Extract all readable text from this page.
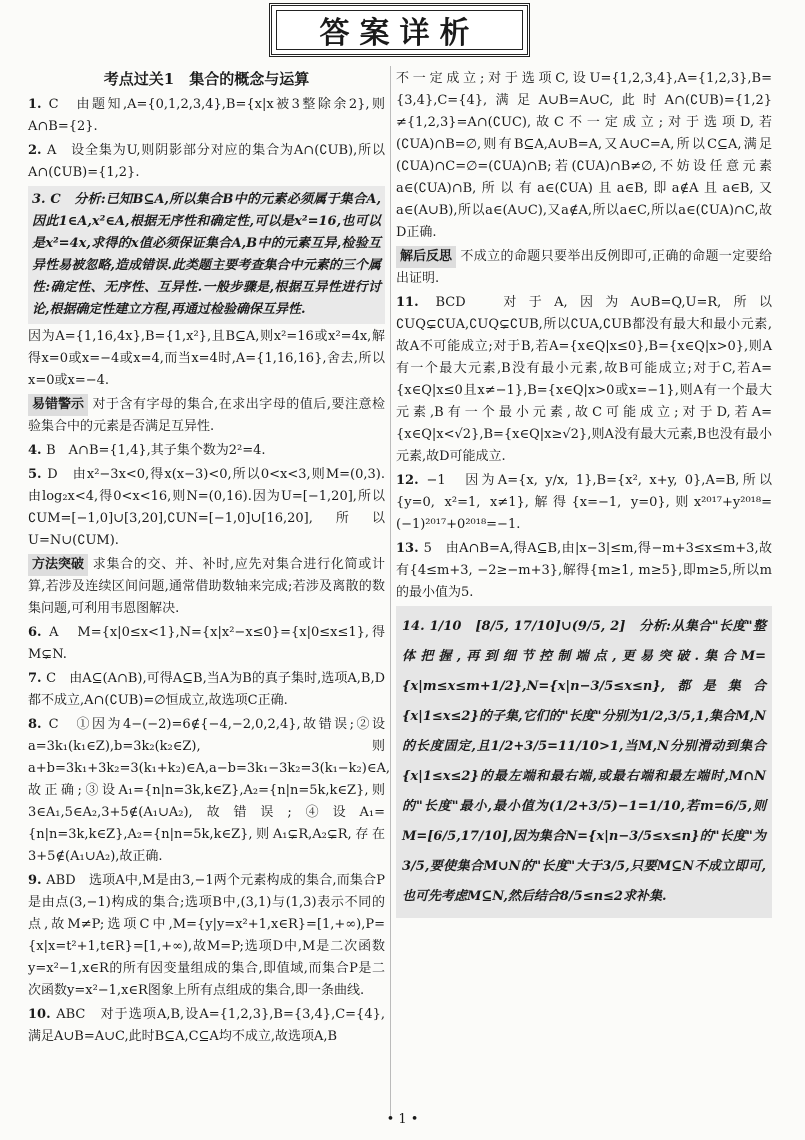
答案详析
考点过关1　集合的概念与运算

1. C　由题知,A={0,1,2,3,4},B={x|x被3整除余2},则A∩B={2}.

2. A　设全集为U,则阴影部分对应的集合为A∩(∁UB),所以A∩(∁UB)={1,2}.

3. C　分析:已知B⊆A,所以集合B中的元素必须属于集合A,因此1∈A,x²∈A,根据无序性和确定性,可以是x²=16,也可以是x²=4x,求得的x值必须保证集合A,B中的元素互异,检验互异性易被忽略,造成错误.此类题主要考查集合中元素的三个属性:确定性、无序性、互异性.一般步骤是,根据互异性进行讨论,根据确定性建立方程,再通过检验确保互异性.

因为A={1,16,4x},B={1,x²},且B⊆A,则x²=16或x²=4x,解得x=0或x=−4或x=4,而当x=4时,A={1,16,16},舍去,所以x=0或x=−4.

易错警示 对于含有字母的集合,在求出字母的值后,要注意检验集合中的元素是否满足互异性.

4. B　A∩B={1,4},其子集个数为2²=4.

5. D　由x²−3x<0,得x(x−3)<0,所以0<x<3,则M=(0,3).由log₂x<4,得0<x<16,则N=(0,16).因为U=[−1,20],所以∁UM=[−1,0]∪[3,20],∁UN=[−1,0]∪[16,20],所以U=N∪(∁UM).

方法突破 求集合的交、并、补时,应先对集合进行化简或计算,若涉及连续区间问题,通常借助数轴来完成;若涉及离散的数集问题,可利用韦恩图解决.

6. A　M={x|0≤x<1},N={x|x²−x≤0}={x|0≤x≤1},得M⊊N.

7. C　由A⊆(A∩B),可得A⊆B,当A为B的真子集时,选项A,B,D都不成立,A∩(∁UB)=∅恒成立,故选项C正确.

8. C　①因为4−(−2)=6∉{−4,−2,0,2,4},故错误;②设a=3k₁(k₁∈Z),b=3k₂(k₂∈Z),则a+b=3k₁+3k₂=3(k₁+k₂)∈A,a−b=3k₁−3k₂=3(k₁−k₂)∈A,故正确;③设A₁={n|n=3k,k∈Z},A₂={n|n=5k,k∈Z},则3∈A₁,5∈A₂,3+5∉(A₁∪A₂),故错误;④设A₁={n|n=3k,k∈Z},A₂={n|n=5k,k∈Z},则A₁⊊R,A₂⊊R,存在3+5∉(A₁∪A₂),故正确.

9. ABD　选项A中,M是由3,−1两个元素构成的集合,而集合P是由点(3,−1)构成的集合;选项B中,(3,1)与(1,3)表示不同的点,故M≠P;选项C中,M={y|y=x²+1,x∈R}=[1,+∞),P={x|x=t²+1,t∈R}=[1,+∞),故M=P;选项D中,M是二次函数y=x²−1,x∈R的所有因变量组成的集合,即值域,而集合P是二次函数y=x²−1,x∈R图象上所有点组成的集合,即一条曲线.

10. ABC　对于选项A,B,设A={1,2,3},B={3,4},C={4},满足A∪B=A∪C,此时B⊆A,C⊆A均不成立,故选项A,B

不一定成立;对于选项C,设U={1,2,3,4},A={1,2,3},B={3,4},C={4},满足A∪B=A∪C,此时A∩(∁UB)={1,2}≠{1,2,3}=A∩(∁UC),故C不一定成立;对于选项D,若(∁UA)∩B=∅,则有B⊆A,A∪B=A,又A∪C=A,所以C⊆A,满足(∁UA)∩C=∅=(∁UA)∩B;若(∁UA)∩B≠∅,不妨设任意元素a∈(∁UA)∩B,所以有a∈(∁UA)且a∈B,即a∉A且a∈B,又a∈(A∪B),所以a∈(A∪C),又a∉A,所以a∈C,所以a∈(∁UA)∩C,故D正确.

解后反思 不成立的命题只要举出反例即可,正确的命题一定要给出证明.

11. BCD　对于A,因为A∪B=Q,U=R,所以∁UQ⊊∁UA,∁UQ⊊∁UB,所以∁UA,∁UB都没有最大和最小元素,故A不可能成立;对于B,若A={x∈Q|x≤0},B={x∈Q|x>0},则A有一个最大元素,B没有最小元素,故B可能成立;对于C,若A={x∈Q|x≤0且x≠−1},B={x∈Q|x>0或x=−1},则A有一个最大元素,B有一个最小元素,故C可能成立;对于D,若A={x∈Q|x<√2},B={x∈Q|x≥√2},则A没有最大元素,B也没有最小元素,故D可能成立.

12. −1　因为A={x, y/x, 1},B={x², x+y, 0},A=B,所以{y=0, x²=1, x≠1},解得{x=−1, y=0},则x²⁰¹⁷+y²⁰¹⁸=(−1)²⁰¹⁷+0²⁰¹⁸=−1.

13. 5　由A∩B=A,得A⊆B,由|x−3|≤m,得−m+3≤x≤m+3,故有{4≤m+3, −2≥−m+3},解得{m≥1, m≥5},即m≥5,所以m的最小值为5.

14. 1/10　[8/5, 17/10]∪(9/5, 2]　分析:从集合"长度"整体把握,再到细节控制端点,更易突破.集合M={x|m≤x≤m+1/2},N={x|n−3/5≤x≤n},都是集合{x|1≤x≤2}的子集,它们的"长度"分别为1/2,3/5,1,集合M,N的长度固定,且1/2+3/5=11/10>1,当M,N分别滑动到集合{x|1≤x≤2}的最左端和最右端,或最右端和最左端时,M∩N的"长度"最小,最小值为(1/2+3/5)−1=1/10,若m=6/5,则M=[6/5,17/10],因为集合N={x|n−3/5≤x≤n}的"长度"为3/5,要使集合M∪N的"长度"大于3/5,只要M⊆N不成立即可,也可先考虑M⊆N,然后结合8/5≤n≤2求补集.

• 1 •
